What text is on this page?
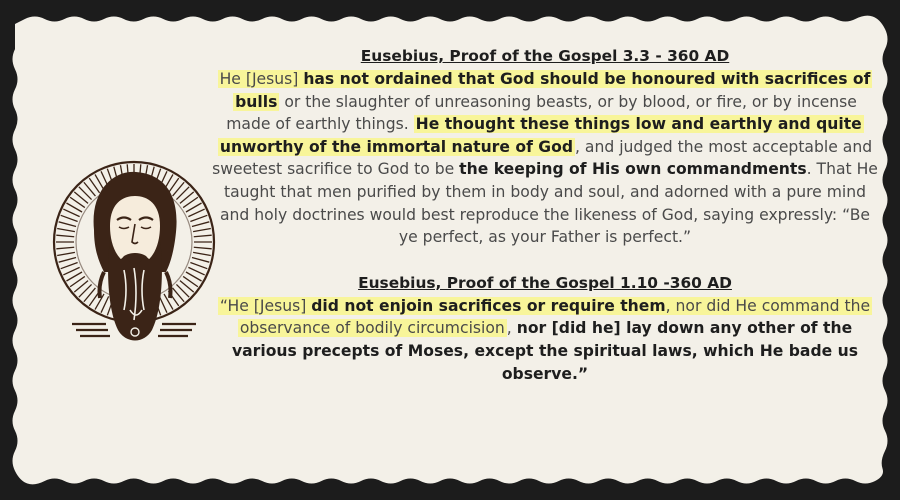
Eusebius, Proof of the Gospel 3.3 - 360 AD

He [Jesus] has not ordained that God should be honoured with sacrifices of bulls or the slaughter of unreasoning beasts, or by blood, or fire, or by incense made of earthly things. He thought these things low and earthly and quite unworthy of the immortal nature of God , and judged the most acceptable and sweetest sacrifice to God to be the keeping of His own commandments. That He taught that men purified by them in body and soul, and adorned with a pure mind and holy doctrines would best reproduce the likeness of God, saying expressly: “Be ye perfect, as your Father is perfect.”

Eusebius, Proof of the Gospel 1.10 -360 AD

“He [Jesus] did not enjoin sacrifices or require them, nor did He command the observance of bodily circumcision , nor [did he] lay down any other of the various precepts of Moses, except the spiritual laws, which He bade us observe.”
